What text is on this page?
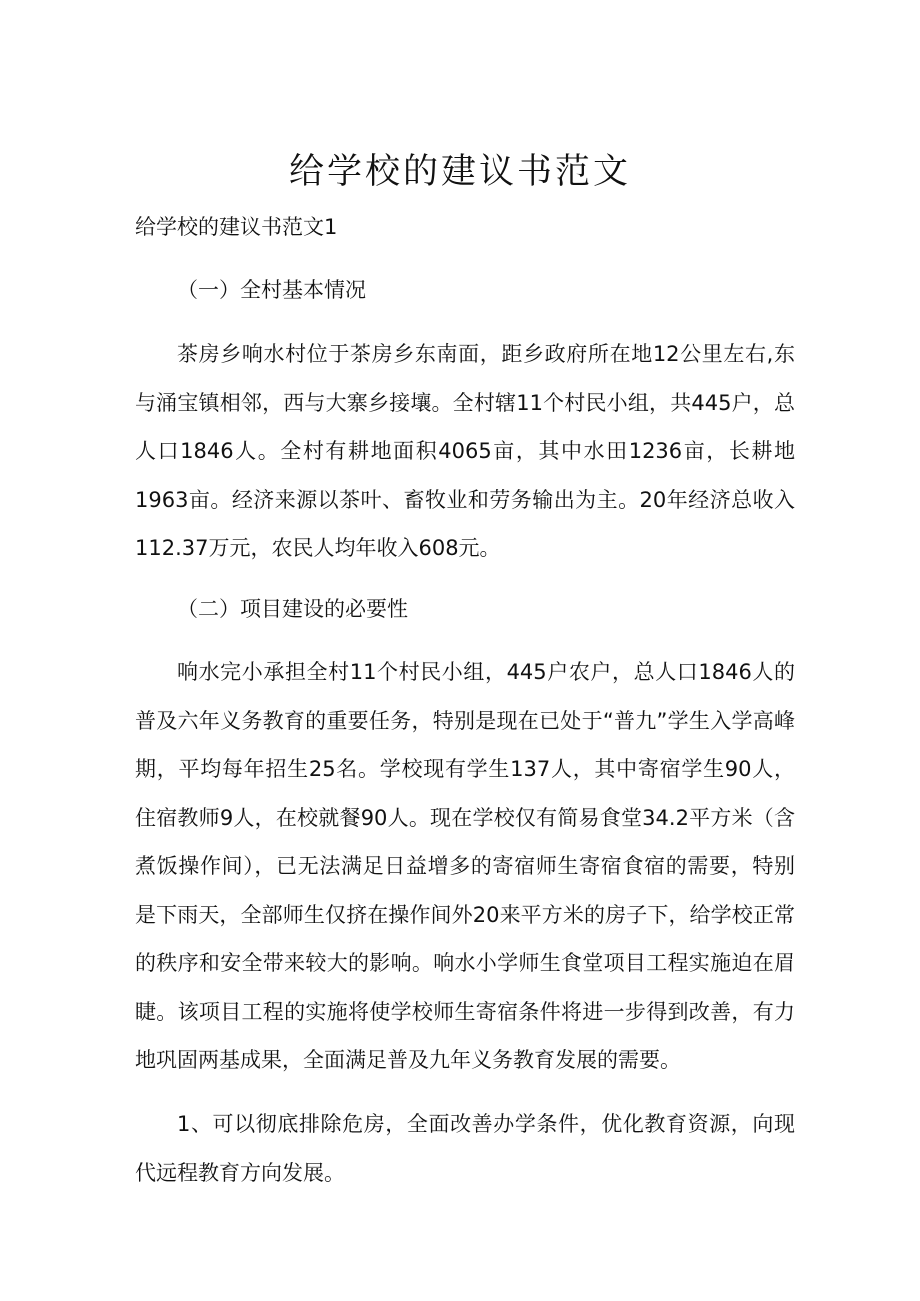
给学校的建议书范文

给学校的建议书范文1

（一）全村基本情况

茶房乡响水村位于茶房乡东南面，距乡政府所在地12公里左右,东与涌宝镇相邻，西与大寨乡接壤。全村辖11个村民小组，共445户，总人口1846人。全村有耕地面积4065亩，其中水田1236亩，长耕地1963亩。经济来源以茶叶、畜牧业和劳务输出为主。20年经济总收入112.37万元，农民人均年收入608元。

（二）项目建设的必要性

响水完小承担全村11个村民小组，445户农户，总人口1846人的普及六年义务教育的重要任务，特别是现在已处于“普九”学生入学高峰期，平均每年招生25名。学校现有学生137人，其中寄宿学生90人，住宿教师9人，在校就餐90人。现在学校仅有简易食堂34.2平方米（含煮饭操作间），已无法满足日益增多的寄宿师生寄宿食宿的需要，特别是下雨天，全部师生仅挤在操作间外20来平方米的房子下，给学校正常的秩序和安全带来较大的影响。响水小学师生食堂项目工程实施迫在眉睫。该项目工程的实施将使学校师生寄宿条件将进一步得到改善，有力地巩固两基成果，全面满足普及九年义务教育发展的需要。

1、可以彻底排除危房，全面改善办学条件，优化教育资源，向现代远程教育方向发展。
